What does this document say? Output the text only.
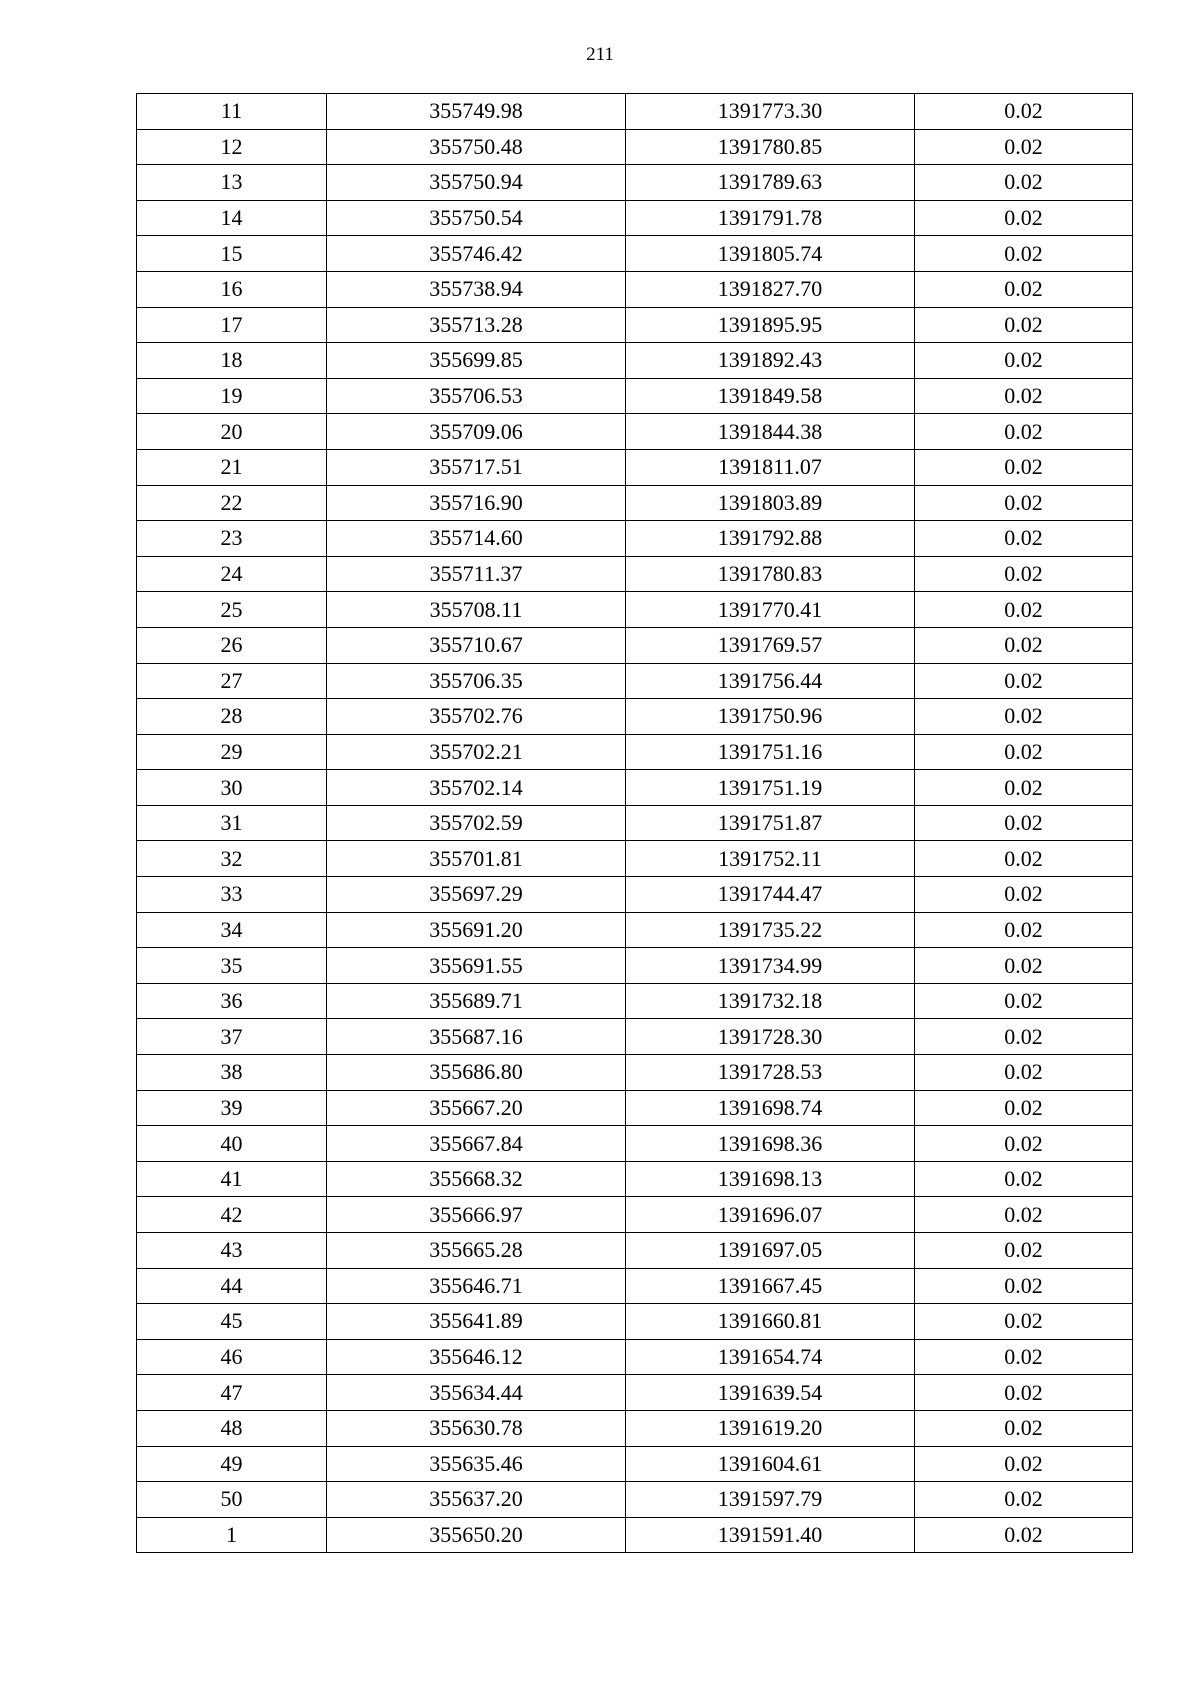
211
11	355749.98	1391773.30	0.02
12	355750.48	1391780.85	0.02
13	355750.94	1391789.63	0.02
14	355750.54	1391791.78	0.02
15	355746.42	1391805.74	0.02
16	355738.94	1391827.70	0.02
17	355713.28	1391895.95	0.02
18	355699.85	1391892.43	0.02
19	355706.53	1391849.58	0.02
20	355709.06	1391844.38	0.02
21	355717.51	1391811.07	0.02
22	355716.90	1391803.89	0.02
23	355714.60	1391792.88	0.02
24	355711.37	1391780.83	0.02
25	355708.11	1391770.41	0.02
26	355710.67	1391769.57	0.02
27	355706.35	1391756.44	0.02
28	355702.76	1391750.96	0.02
29	355702.21	1391751.16	0.02
30	355702.14	1391751.19	0.02
31	355702.59	1391751.87	0.02
32	355701.81	1391752.11	0.02
33	355697.29	1391744.47	0.02
34	355691.20	1391735.22	0.02
35	355691.55	1391734.99	0.02
36	355689.71	1391732.18	0.02
37	355687.16	1391728.30	0.02
38	355686.80	1391728.53	0.02
39	355667.20	1391698.74	0.02
40	355667.84	1391698.36	0.02
41	355668.32	1391698.13	0.02
42	355666.97	1391696.07	0.02
43	355665.28	1391697.05	0.02
44	355646.71	1391667.45	0.02
45	355641.89	1391660.81	0.02
46	355646.12	1391654.74	0.02
47	355634.44	1391639.54	0.02
48	355630.78	1391619.20	0.02
49	355635.46	1391604.61	0.02
50	355637.20	1391597.79	0.02
1	355650.20	1391591.40	0.02
